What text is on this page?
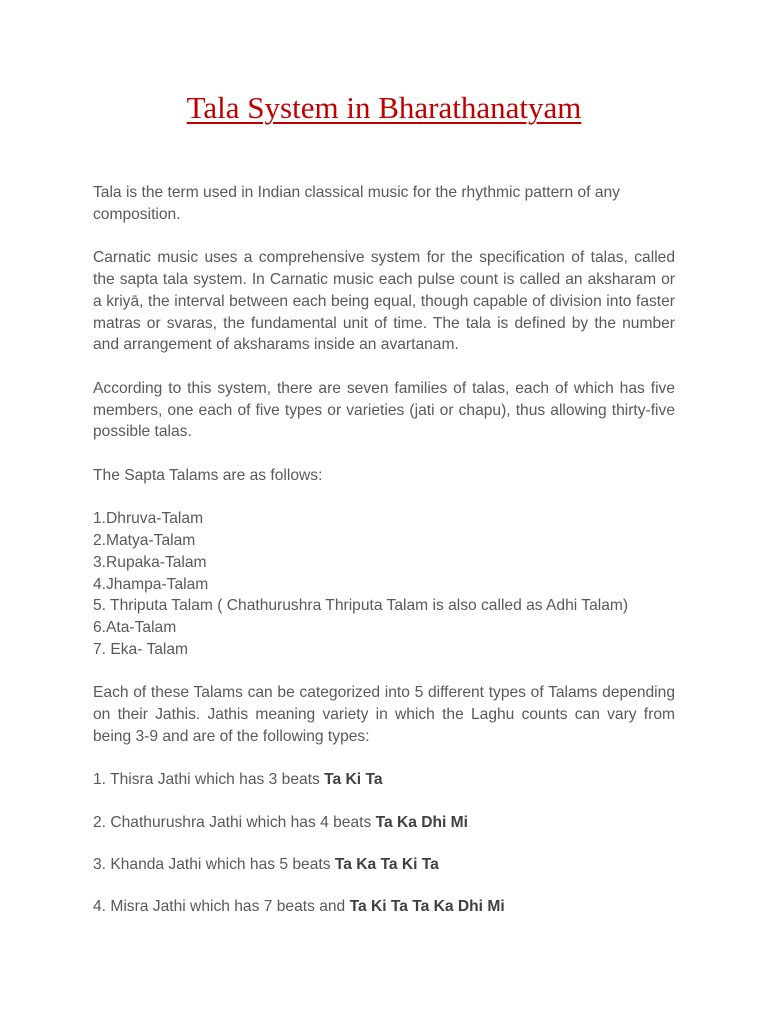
Tala System in Bharathanatyam

Tala is the term used in Indian classical music for the rhythmic pattern of any composition.

Carnatic music uses a comprehensive system for the specification of talas, called the sapta tala system. In Carnatic music each pulse count is called an aksharam or a kriyā, the interval between each being equal, though capable of division into faster matras or svaras, the fundamental unit of time. The tala is defined by the number and arrangement of aksharams inside an avartanam.

According to this system, there are seven families of talas, each of which has five members, one each of five types or varieties (jati or chapu), thus allowing thirty-five possible talas.

The Sapta Talams are as follows:

1.Dhruva-Talam
2.Matya-Talam
3.Rupaka-Talam
4.Jhampa-Talam
5. Thriputa Talam ( Chathurushra Thriputa Talam is also called as Adhi Talam)
6.Ata-Talam
7. Eka- Talam

Each of these Talams can be categorized into 5 different types of Talams depending on their Jathis. Jathis meaning variety in which the Laghu counts can vary from being 3-9 and are of the following types:

1. Thisra Jathi which has 3 beats Ta Ki Ta

2. Chathurushra Jathi which has 4 beats Ta Ka Dhi Mi

3. Khanda Jathi which has 5 beats Ta Ka Ta Ki Ta

4. Misra Jathi which has 7 beats and Ta Ki Ta Ta Ka Dhi Mi
